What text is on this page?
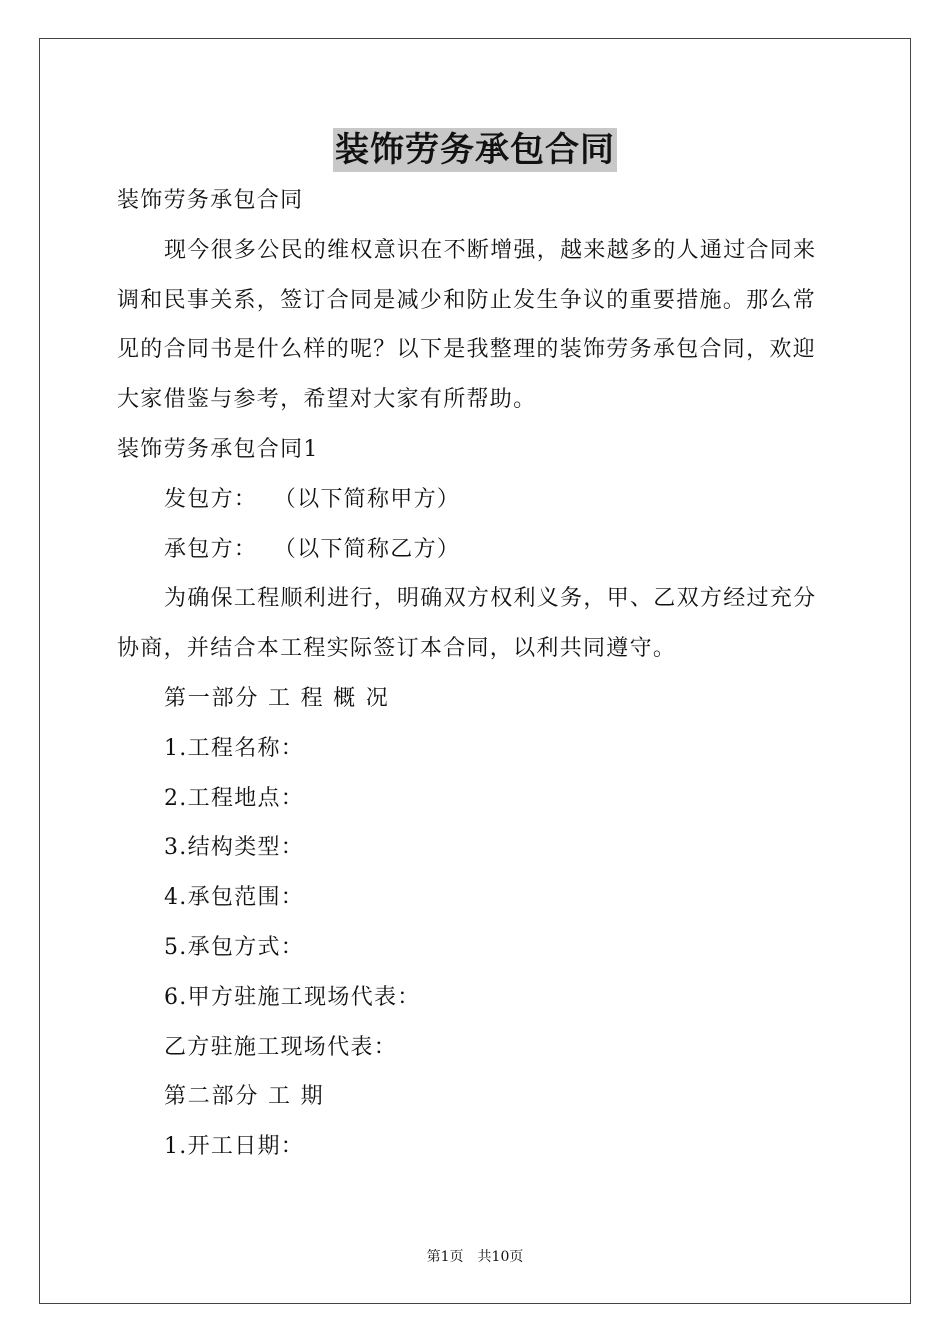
装饰劳务承包合同

装饰劳务承包合同

现今很多公民的维权意识在不断增强，越来越多的人通过合同来调和民事关系，签订合同是减少和防止发生争议的重要措施。那么常见的合同书是什么样的呢？以下是我整理的装饰劳务承包合同，欢迎大家借鉴与参考，希望对大家有所帮助。

装饰劳务承包合同1

发包方：  （以下简称甲方）

承包方：  （以下简称乙方）

为确保工程顺利进行，明确双方权利义务，甲、乙双方经过充分协商，并结合本工程实际签订本合同，以利共同遵守。

第一部分 工 程 概 况

1.工程名称：

2.工程地点：

3.结构类型：

4.承包范围：

5.承包方式：

6.甲方驻施工现场代表：

乙方驻施工现场代表：

第二部分 工 期

1.开工日期：

第1页 共10页
